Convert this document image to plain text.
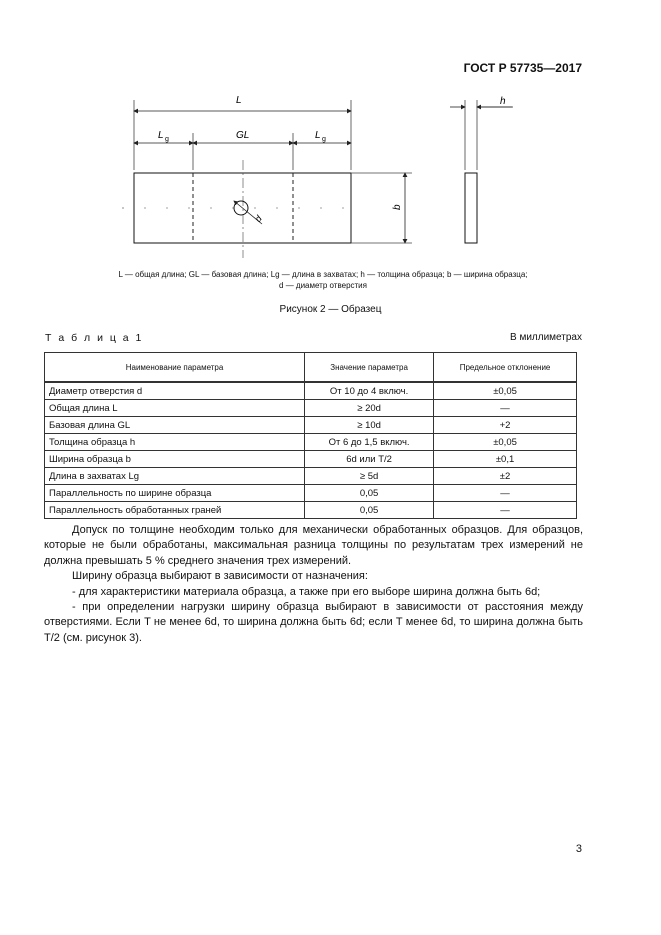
ГОСТ Р 57735—2017
L
L g	GL	L g
h
b
d
L — общая длина; GL — базовая длина; Lg — длина в захватах; h — толщина образца; b — ширина образца;
d — диаметр отверстия
Рисунок 2 — Образец
Т а б л и ц а 1	В миллиметрах
Наименование параметра	Значение параметра	Предельное отклонение
Диаметр отверстия d	От 10 до 4 включ.	±0,05
Общая длина L	≥ 20d	—
Базовая длина GL	≥ 10d	+2
Толщина образца h	От 6 до 1,5 включ.	±0,05
Ширина образца b	6d или T/2	±0,1
Длина в захватах Lg	≥ 5d	±2
Параллельность по ширине образца	0,05	—
Параллельность обработанных граней	0,05	—

Допуск по толщине необходим только для механически обработанных образцов. Для образцов, которые не были обработаны, максимальная разница толщины по результатам трех измерений не должна превышать 5 % среднего значения трех измерений.

Ширину образца выбирают в зависимости от назначения:

- для характеристики материала образца, а также при его выборе ширина должна быть 6d;

- при определении нагрузки ширину образца выбирают в зависимости от расстояния между отверстиями. Если T не менее 6d, то ширина должна быть 6d; если T менее 6d, то ширина должна быть T/2 (см. рисунок 3).

3
